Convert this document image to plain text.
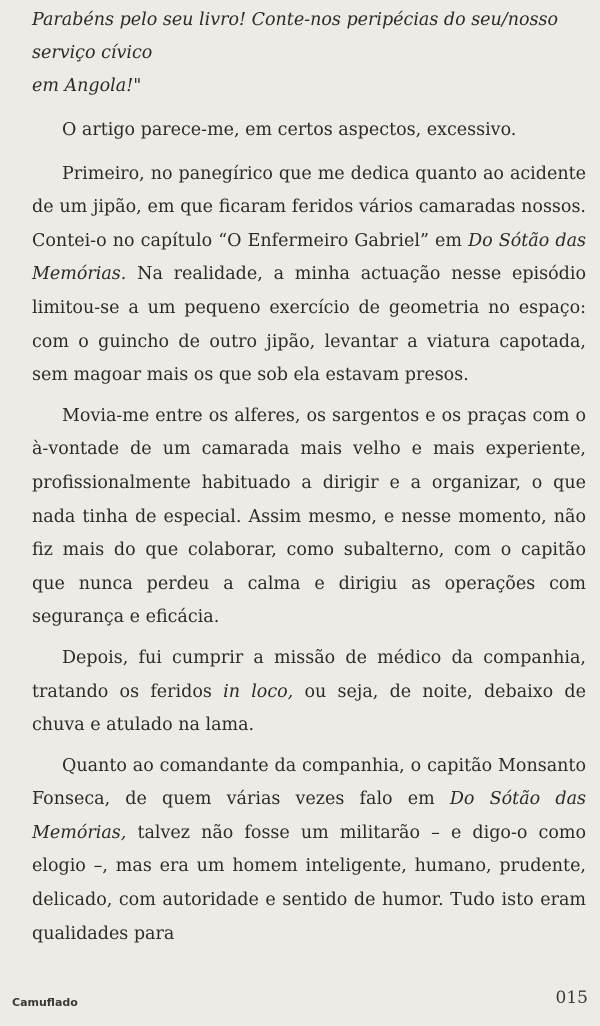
Parabéns pelo seu livro! Conte-nos peripécias do seu/nosso serviço cívico
em Angola!"

O artigo parece-me, em certos aspectos, excessivo.

Primeiro, no panegírico que me dedica quanto ao acidente de um jipão, em que ficaram feridos vários camaradas nossos. Contei-o no capítulo “O Enfermeiro Gabriel” em Do Sótão das Memórias. Na realidade, a minha actuação nesse episódio limitou-se a um pequeno exercício de geometria no espaço: com o guincho de outro jipão, levantar a viatura capotada, sem magoar mais os que sob ela estavam presos.

Movia-me entre os alferes, os sargentos e os praças com o à-vontade de um camarada mais velho e mais experiente, profissionalmente habituado a dirigir e a organizar, o que nada tinha de especial. Assim mesmo, e nesse momento, não fiz mais do que colaborar, como subalterno, com o capitão que nunca perdeu a calma e dirigiu as operações com segurança e eficácia.

Depois, fui cumprir a missão de médico da companhia, tratando os feridos in loco, ou seja, de noite, debaixo de chuva e atulado na lama.

Quanto ao comandante da companhia, o capitão Monsanto Fonseca, de quem várias vezes falo em Do Sótão das Memórias, talvez não fosse um militarão – e digo-o como elogio –, mas era um homem inteligente, humano, prudente, delicado, com autoridade e sentido de humor. Tudo isto eram qualidades para

Camuflado	015
